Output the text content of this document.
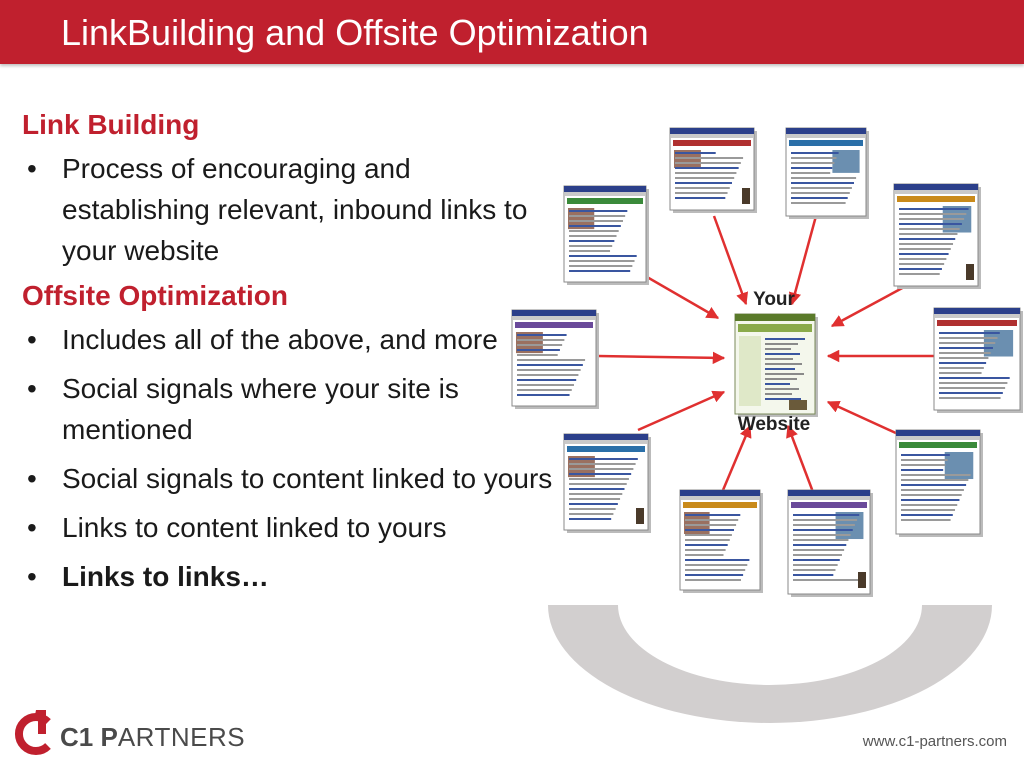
LinkBuilding and Offsite Optimization
Link Building
• Process of encouraging and establishing relevant, inbound links to your website
Offsite Optimization
• Includes all of the above, and more
• Social signals where your site is mentioned
• Social signals to content linked to yours
• Links to content linked to yours
• Links to links…
Your
Website
C1 PARTNERS	www.c1-partners.com
